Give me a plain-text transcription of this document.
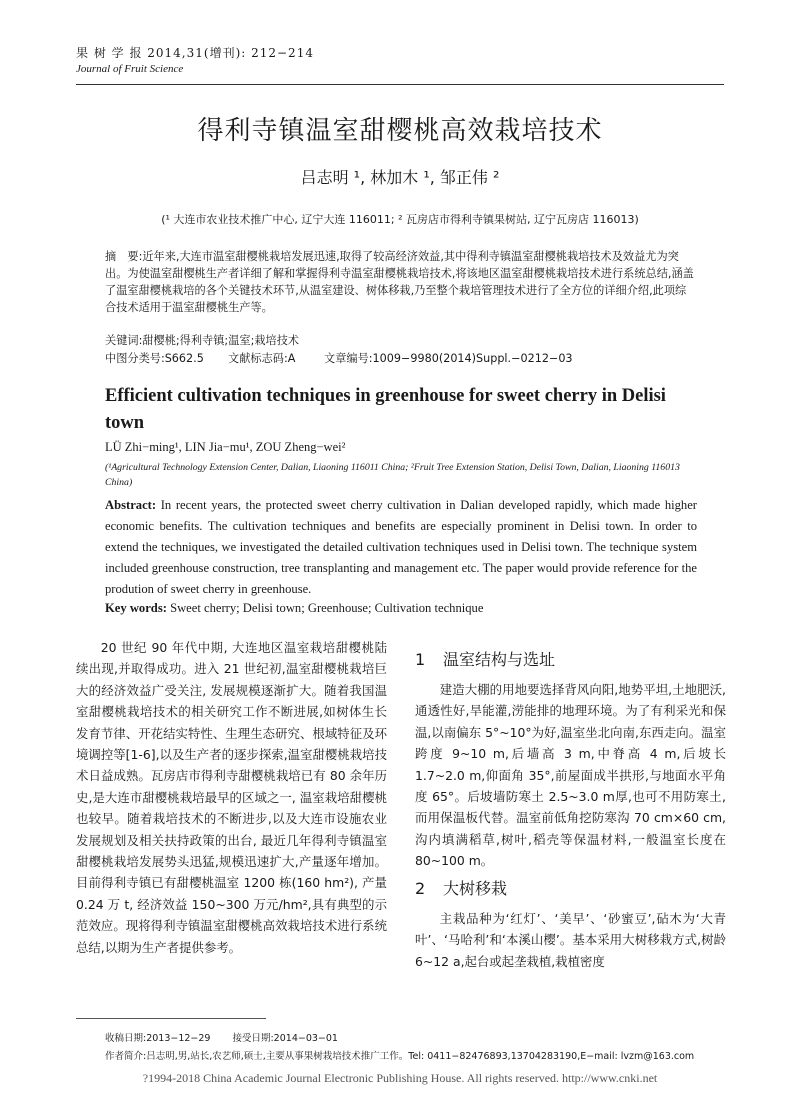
果 树 学 报 2014,31(增刊): 212−214
Journal of Fruit Science
得利寺镇温室甜樱桃高效栽培技术
吕志明 ¹, 林加木 ¹, 邹正伟 ²
(¹ 大连市农业技术推广中心, 辽宁大连 116011; ² 瓦房店市得利寺镇果树站, 辽宁瓦房店 116013)
摘　要:近年来,大连市温室甜樱桃栽培发展迅速,取得了较高经济效益,其中得利寺镇温室甜樱桃栽培技术及效益尤为突出。为使温室甜樱桃生产者详细了解和掌握得利寺温室甜樱桃栽培技术,将该地区温室甜樱桃栽培技术进行系统总结,涵盖了温室甜樱桃栽培的各个关键技术环节,从温室建设、树体移栽,乃至整个栽培管理技术进行了全方位的详细介绍,此项综合技术适用于温室甜樱桃生产等。
关键词:甜樱桃;得利寺镇;温室;栽培技术
中图分类号:S662.5 文献标志码:A	文章编号:1009−9980(2014)Suppl.−0212−03
Efficient cultivation techniques in greenhouse for sweet cherry in Delisi town
LÜ Zhi−ming¹, LIN Jia−mu¹, ZOU Zheng−wei²
(¹Agricultural Technology Extension Center, Dalian, Liaoning 116011 China; ²Fruit Tree Extension Station, Delisi Town, Dalian, Liaoning 116013 China)
Abstract: In recent years, the protected sweet cherry cultivation in Dalian developed rapidly, which made higher economic benefits. The cultivation techniques and benefits are especially prominent in Delisi town. In order to extend the techniques, we investigated the detailed cultivation techniques used in Delisi town. The technique system included greenhouse construction, tree transplanting and management etc. The paper would provide reference for the prodution of sweet cherry in greenhouse.
Key words: Sweet cherry; Delisi town; Greenhouse; Cultivation technique

20 世纪 90 年代中期, 大连地区温室栽培甜樱桃陆续出现,并取得成功。进入 21 世纪初,温室甜樱桃栽培巨大的经济效益广受关注, 发展规模逐渐扩大。随着我国温室甜樱桃栽培技术的相关研究工作不断进展,如树体生长发育节律、开花结实特性、生理生态研究、根域特征及环境调控等[1-6],以及生产者的逐步探索,温室甜樱桃栽培技术日益成熟。瓦房店市得利寺甜樱桃栽培已有 80 余年历史,是大连市甜樱桃栽培最早的区域之一, 温室栽培甜樱桃也较早。随着栽培技术的不断进步,以及大连市设施农业发展规划及相关扶持政策的出台, 最近几年得利寺镇温室甜樱桃栽培发展势头迅猛,规模迅速扩大,产量逐年增加。目前得利寺镇已有甜樱桃温室 1200 栋(160 hm²), 产量 0.24 万 t, 经济效益 150~300 万元/hm²,具有典型的示范效应。现将得利寺镇温室甜樱桃高效栽培技术进行系统总结,以期为生产者提供参考。

1 温室结构与选址

建造大棚的用地要选择背风向阳,地势平坦,土地肥沃,通透性好,旱能灌,涝能排的地理环境。为了有利采光和保温,以南偏东 5°~10°为好,温室坐北向南,东西走向。温室跨度 9~10 m,后墙高 3 m,中脊高 4 m,后坡长 1.7~2.0 m,仰面角 35°,前屋面成半拱形,与地面水平角度 65°。后坡墙防寒土 2.5~3.0 m厚,也可不用防寒土,而用保温板代替。温室前低角挖防寒沟 70 cm×60 cm,沟内填满稻草,树叶,稻壳等保温材料,一般温室长度在 80~100 m。

2 大树移栽

主栽品种为‘红灯’、‘美早’、‘砂蜜豆’,砧木为‘大青叶’、‘马哈利’和‘本溪山樱’。基本采用大树移栽方式,树龄 6~12 a,起台或起垄栽植,栽植密度

收稿日期:2013−12−29 接受日期:2014−03−01
作者简介:吕志明,男,站长,农艺师,硕士,主要从事果树栽培技术推广工作。Tel: 0411−82476893,13704283190,E−mail: lvzm@163.com
?1994-2018 China Academic Journal Electronic Publishing House. All rights reserved. http://www.cnki.net
